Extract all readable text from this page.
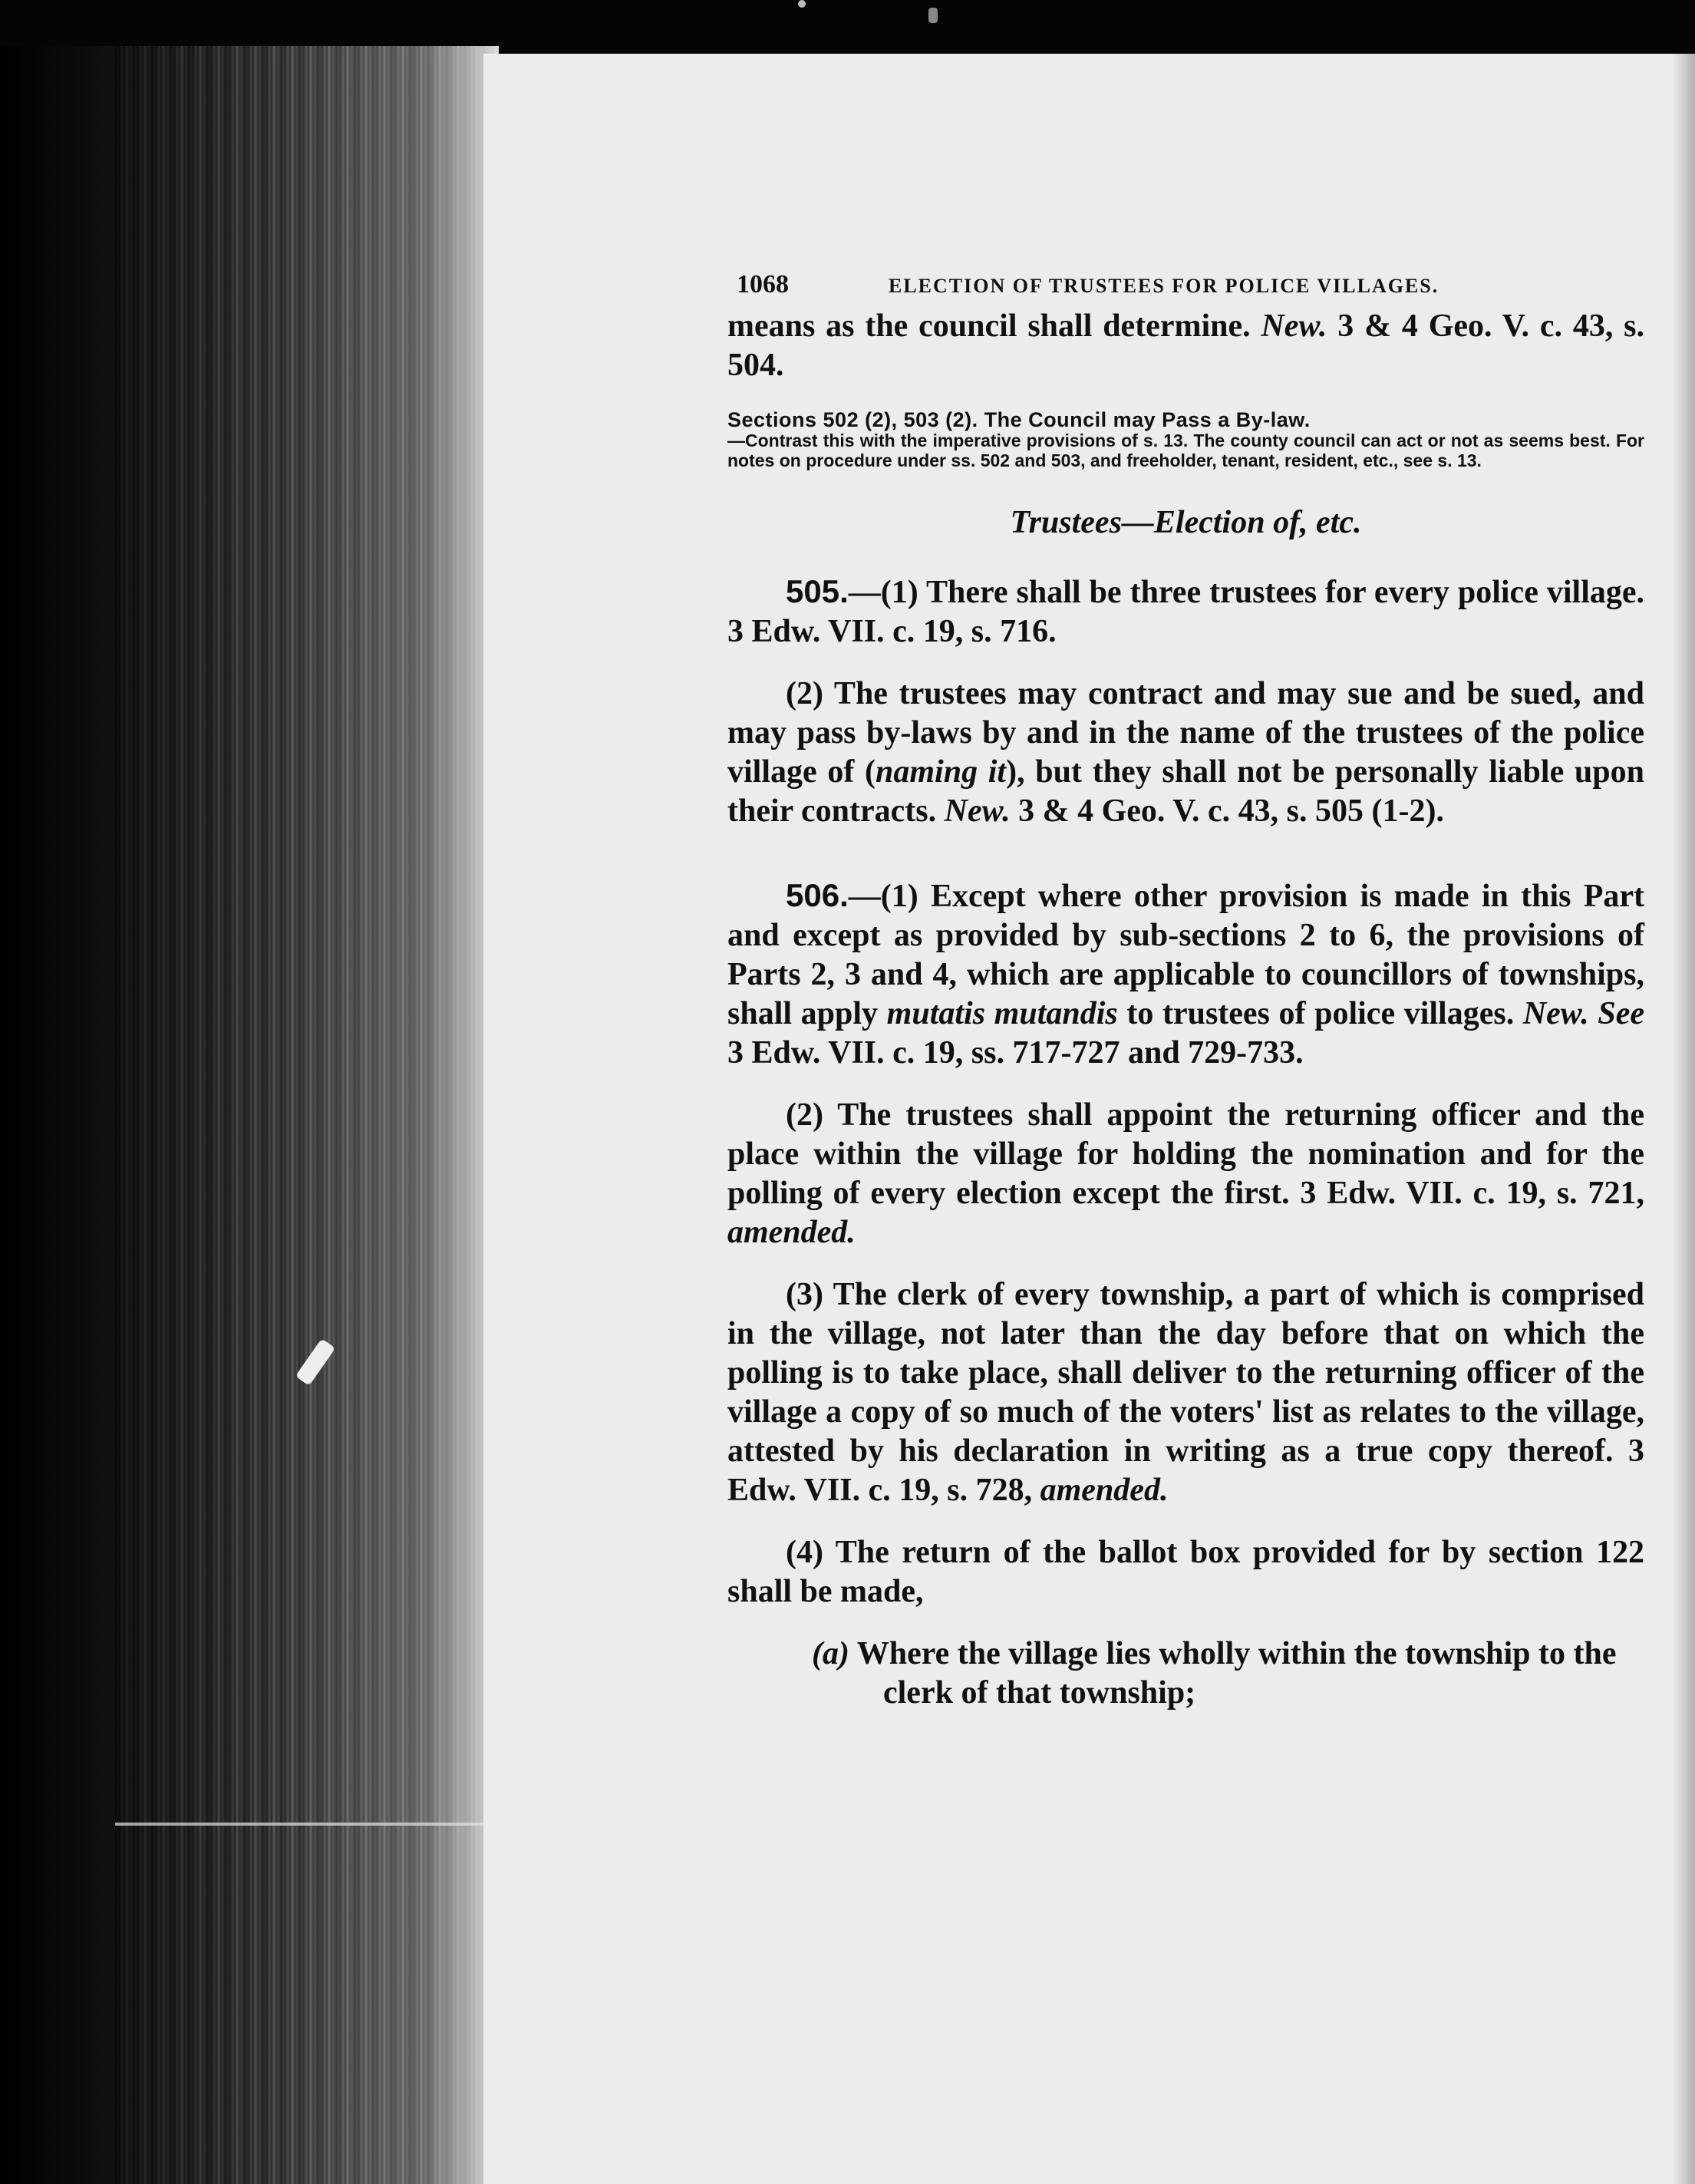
1068	ELECTION OF TRUSTEES FOR POLICE VILLAGES.

means as the council shall determine. New. 3 & 4 Geo. V. c. 43, s. 504.

Sections 502 (2), 503 (2). The Council may Pass a By-law.
—Contrast this with the imperative provisions of s. 13. The county council can act or not as seems best. For notes on procedure under ss. 502 and 503, and freeholder, tenant, resident, etc., see s. 13.

Trustees—Election of, etc.

505.—(1) There shall be three trustees for every police village. 3 Edw. VII. c. 19, s. 716.

(2) The trustees may contract and may sue and be sued, and may pass by-laws by and in the name of the trustees of the police village of (naming it), but they shall not be personally liable upon their contracts. New. 3 & 4 Geo. V. c. 43, s. 505 (1-2).

506.—(1) Except where other provision is made in this Part and except as provided by sub-sections 2 to 6, the provisions of Parts 2, 3 and 4, which are applicable to councillors of townships, shall apply mutatis mutandis to trustees of police villages. New. See 3 Edw. VII. c. 19, ss. 717-727 and 729-733.

(2) The trustees shall appoint the returning officer and the place within the village for holding the nomination and for the polling of every election except the first. 3 Edw. VII. c. 19, s. 721, amended.

(3) The clerk of every township, a part of which is comprised in the village, not later than the day before that on which the polling is to take place, shall deliver to the returning officer of the village a copy of so much of the voters' list as relates to the village, attested by his declaration in writing as a true copy thereof. 3 Edw. VII. c. 19, s. 728, amended.

(4) The return of the ballot box provided for by section 122 shall be made,

(a) Where the village lies wholly within the township to the clerk of that township;
